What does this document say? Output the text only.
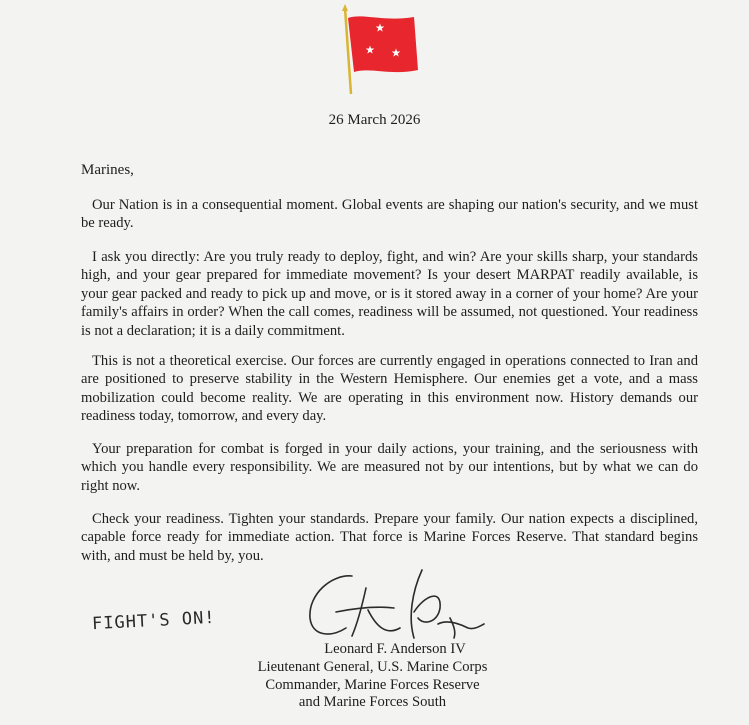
26 March 2026
Marines,

Our Nation is in a consequential moment. Global events are shaping our nation's security, and we must be ready.

I ask you directly: Are you truly ready to deploy, fight, and win? Are your skills sharp, your standards high, and your gear prepared for immediate movement? Is your desert MARPAT readily available, is your gear packed and ready to pick up and move, or is it stored away in a corner of your home? Are your family's affairs in order? When the call comes, readiness will be assumed, not questioned. Your readiness is not a declaration; it is a daily commitment.

This is not a theoretical exercise. Our forces are currently engaged in operations connected to Iran and are positioned to preserve stability in the Western Hemisphere. Our enemies get a vote, and a mass mobilization could become reality. We are operating in this environment now. History demands our readiness today, tomorrow, and every day.

Your preparation for combat is forged in your daily actions, your training, and the seriousness with which you handle every responsibility. We are measured not by our intentions, but by what we can do right now.

Check your readiness. Tighten your standards. Prepare your family. Our nation expects a disciplined, capable force ready for immediate action. That force is Marine Forces Reserve. That standard begins with, and must be held by, you.

FIGHT'S ON!
Leonard F. Anderson IV
Lieutenant General, U.S. Marine Corps
Commander, Marine Forces Reserve
and Marine Forces South
